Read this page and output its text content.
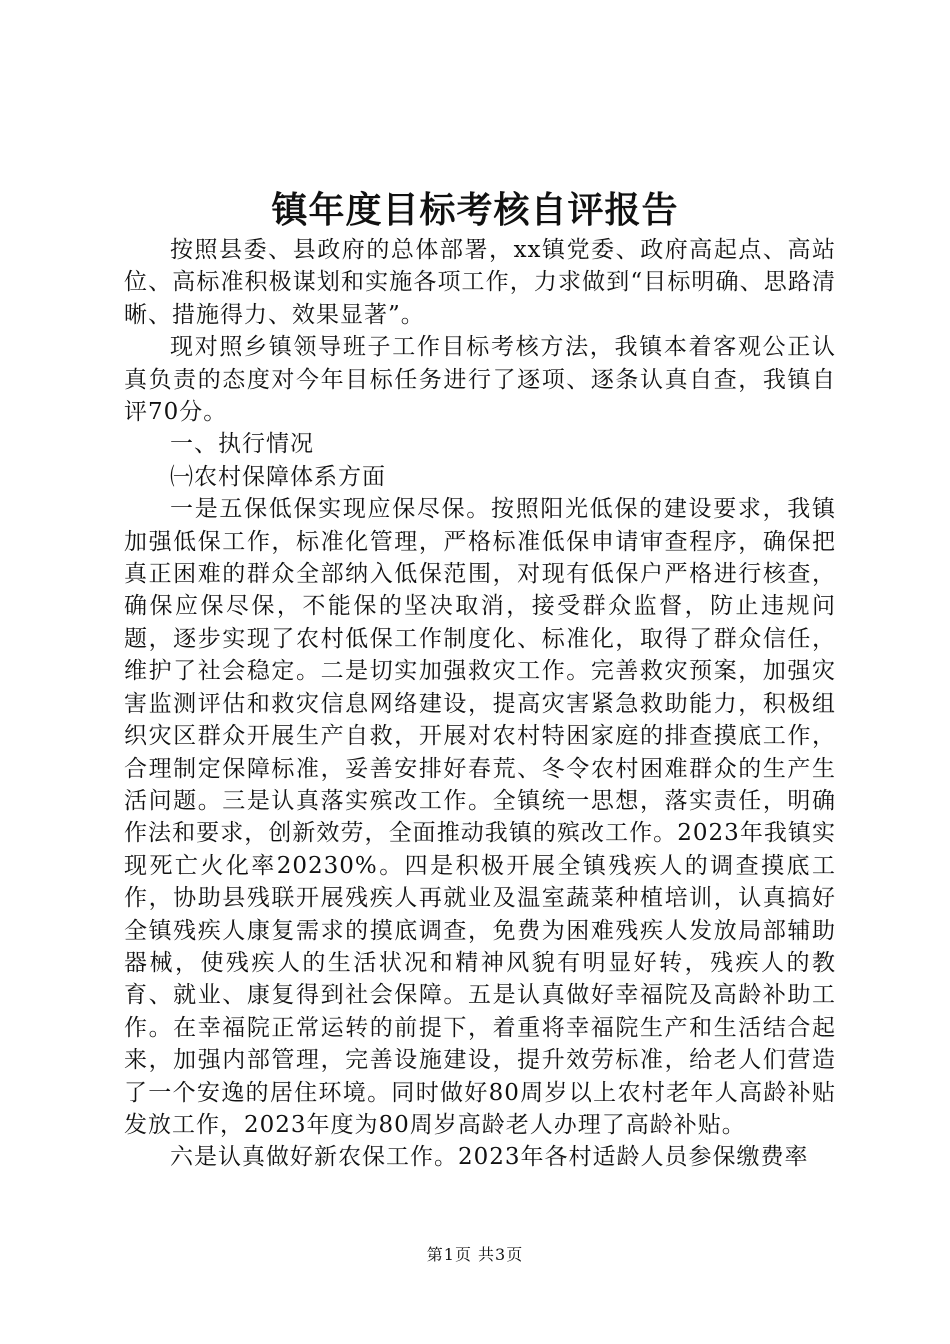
镇年度目标考核自评报告

按照县委、县政府的总体部署，xx镇党委、政府高起点、高站位、高标准积极谋划和实施各项工作，力求做到“目标明确、思路清晰、措施得力、效果显著”。

现对照乡镇领导班子工作目标考核方法，我镇本着客观公正认真负责的态度对今年目标任务进行了逐项、逐条认真自查，我镇自评70分。

一、执行情况

㈠农村保障体系方面

一是五保低保实现应保尽保。按照阳光低保的建设要求，我镇加强低保工作，标准化管理，严格标准低保申请审查程序，确保把真正困难的群众全部纳入低保范围，对现有低保户严格进行核查，确保应保尽保，不能保的坚决取消，接受群众监督，防止违规问题，逐步实现了农村低保工作制度化、标准化，取得了群众信任，维护了社会稳定。二是切实加强救灾工作。完善救灾预案，加强灾害监测评估和救灾信息网络建设，提高灾害紧急救助能力，积极组织灾区群众开展生产自救，开展对农村特困家庭的排查摸底工作，合理制定保障标准，妥善安排好春荒、冬令农村困难群众的生产生活问题。三是认真落实殡改工作。全镇统一思想，落实责任，明确作法和要求，创新效劳，全面推动我镇的殡改工作。2023年我镇实现死亡火化率20230%。四是积极开展全镇残疾人的调查摸底工作，协助县残联开展残疾人再就业及温室蔬菜种植培训，认真搞好全镇残疾人康复需求的摸底调查，免费为困难残疾人发放局部辅助器械，使残疾人的生活状况和精神风貌有明显好转，残疾人的教育、就业、康复得到社会保障。五是认真做好幸福院及高龄补助工作。在幸福院正常运转的前提下，着重将幸福院生产和生活结合起来，加强内部管理，完善设施建设，提升效劳标准，给老人们营造了一个安逸的居住环境。同时做好80周岁以上农村老年人高龄补贴发放工作，2023年度为80周岁高龄老人办理了高龄补贴。

六是认真做好新农保工作。2023年各村适龄人员参保缴费率

第1页 共3页
